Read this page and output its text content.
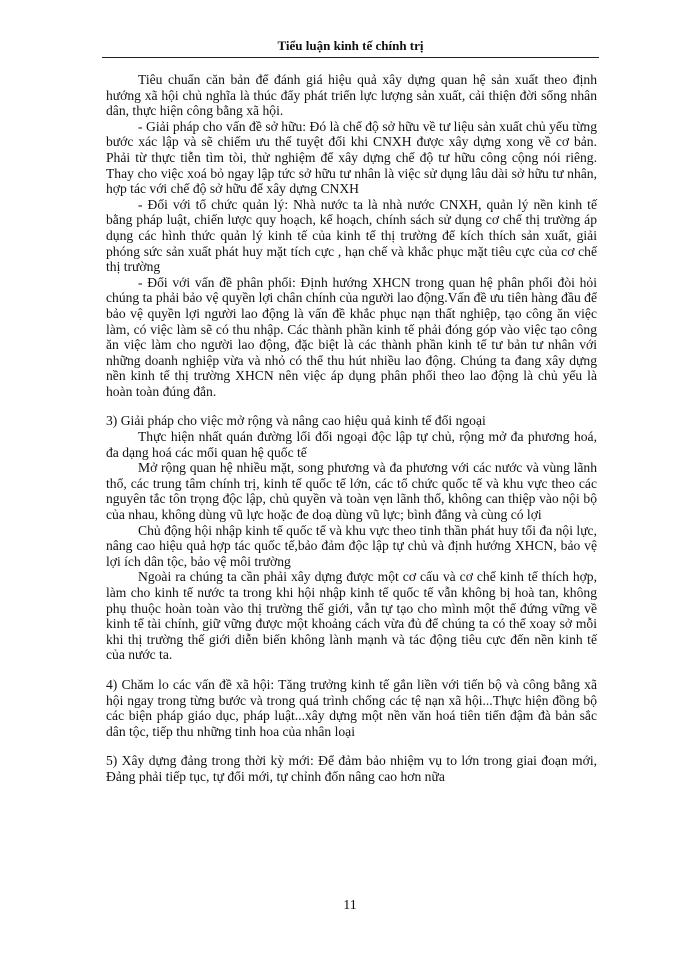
Tiểu luận kinh tế chính trị

Tiêu chuẩn căn bản để đánh giá hiệu quả xây dựng quan hệ sản xuất theo định hướng xã hội chủ nghĩa là thúc đẩy phát triển lực lượng sản xuất, cải thiện đời sống nhân dân, thực hiện công bằng xã hội.

- Giải pháp cho vấn đề sở hữu: Đó là chế độ sở hữu về tư liệu sản xuất chủ yếu từng bước xác lập và sẽ chiếm ưu thế tuyệt đối khi CNXH được xây dựng xong về cơ bản. Phải từ thực tiễn tìm tòi, thử nghiệm để xây dựng chế độ tư hữu công cộng nói riêng. Thay cho việc xoá bỏ ngay lập tức sở hữu tư nhân là việc sử dụng lâu dài sở hữu tư nhân, hợp tác với chế độ sở hữu để xây dựng CNXH

- Đối với tổ chức quản lý: Nhà nước ta là nhà nước CNXH, quản lý nền kinh tế bằng pháp luật, chiến lược quy hoạch, kế hoạch, chính sách sử dụng cơ chế thị trường áp dụng các hình thức quản lý kinh tế của kinh tế thị trường để kích thích sản xuất, giải phóng sức sản xuất phát huy mặt tích cực , hạn chế và khắc phục mặt tiêu cực của cơ chế thị trường

- Đối với vấn đề phân phối: Định hướng XHCN trong quan hệ phân phối đòi hỏi chúng ta phải bảo vệ quyền lợi chân chính của người lao động.Vấn đề ưu tiên hàng đầu để bảo vệ quyền lợi người lao động là vấn đề khắc phục nạn thất nghiệp, tạo công ăn việc làm, có việc làm sẽ có thu nhập. Các thành phần kinh tế phải đóng góp vào việc tạo công ăn việc làm cho người lao động, đặc biệt là các thành phần kinh tế tư bản tư nhân với những doanh nghiệp vừa và nhỏ có thể thu hút nhiều lao động. Chúng ta đang xây dựng nền kinh tế thị trường XHCN nên việc áp dụng phân phối theo lao động là chủ yếu là hoàn toàn đúng đắn.

3) Giải pháp cho việc mở rộng và nâng cao hiệu quả kinh tế đối ngoại

Thực hiện nhất quán đường lối đối ngoại độc lập tự chủ, rộng mở đa phương hoá, đa dạng hoá các mối quan hệ quốc tế

Mở rộng quan hệ nhiều mặt, song phương và đa phương với các nước và vùng lãnh thổ, các trung tâm chính trị, kinh tế quốc tế lớn, các tổ chức quốc tế và khu vực theo các nguyên tắc tôn trọng độc lập, chủ quyền và toàn vẹn lãnh thổ, không can thiệp vào nội bộ của nhau, không dùng vũ lực hoặc đe doạ dùng vũ lực; bình đẳng và cùng có lợi

Chủ động hội nhập kinh tế quốc tế và khu vực theo tinh thần phát huy tối đa nội lực, nâng cao hiệu quả hợp tác quốc tế,bảo đảm độc lập tự chủ và định hướng XHCN, bảo vệ lợi ích dân tộc, bảo vệ môi trường

Ngoài ra chúng ta cần phải xây dựng được một cơ cấu và cơ chế kinh tế thích hợp, làm cho kinh tế nước ta trong khi hội nhập kinh tế quốc tế vẫn không bị hoà tan, không phụ thuộc hoàn toàn vào thị trường thế giới, vẫn tự tạo cho mình một thế đứng vững về kinh tế tài chính, giữ vững được một khoảng cách vừa đủ để chúng ta có thể xoay sở mỗi khi thị trường thế giới diễn biến không lành mạnh và tác động tiêu cực đến nền kinh tế của nước ta.

4) Chăm lo các vấn đề xã hội: Tăng trưởng kinh tế gắn liền với tiến bộ và công bằng xã hội ngay trong từng bước và trong quá trình chống các tệ nạn xã hội...Thực hiện đồng bộ các biện pháp giáo dục, pháp luật...xây dựng một nền văn hoá tiên tiến đậm đà bản sắc dân tộc, tiếp thu những tinh hoa của nhân loại

5) Xây dựng đảng trong thời kỳ mới: Để đảm bảo nhiệm vụ to lớn trong giai đoạn mới, Đảng phải tiếp tục, tự đổi mới, tự chỉnh đốn nâng cao hơn nữa

11
